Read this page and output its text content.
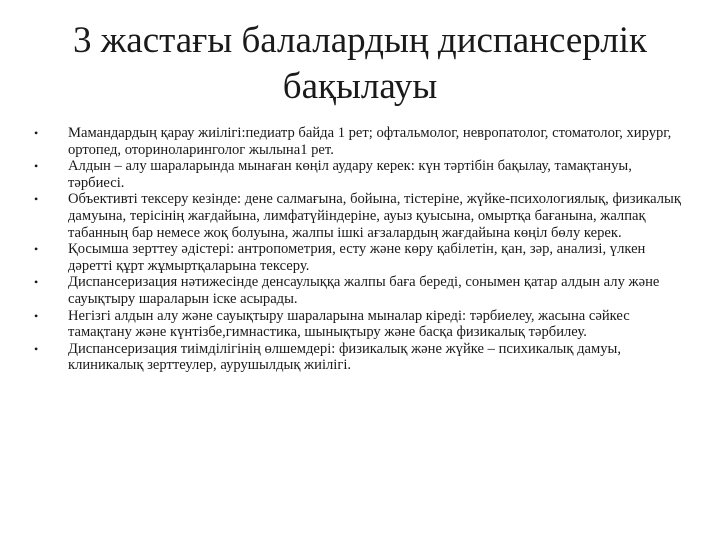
3 жастағы балалардың диспансерлік бақылауы
• Мамандардың қарау жиілігі:педиатр байда 1 рет; офтальмолог, невропатолог, стоматолог, хирург, ортопед, оториноларинголог жылына1 рет.
• Алдын – алу шараларында мынаған көңіл аудару керек: күн тәртібін бақылау, тамақтануы, тәрбиесі.
• Объективті тексеру кезінде: дене салмағына, бойына, тістеріне, жүйке-психологиялық, физикалық дамуына, терісінің жағдайына, лимфатүйіндеріне, ауыз қуысына, омыртқа бағанына, жалпақ табанның бар немесе жоқ болуына, жалпы ішкі ағзалардың жағдайына көңіл бөлу керек.
• Қосымша зерттеу әдістері: антропометрия, есту және көру қабілетін, қан, зәр, анализі, үлкен дәретті құрт жұмыртқаларына тексеру.
• Диспансеризация нәтижесінде денсаулыққа жалпы баға береді, сонымен қатар алдын алу және сауықтыру шараларын іске асырады.
• Негізгі алдын алу және сауықтыру шараларына мыналар кіреді: тәрбиелеу, жасына сәйкес тамақтану және күнтізбе,гимнастика, шынықтыру және басқа физикалық тәрбилеу.
• Диспансеризация тиімділігінің өлшемдері: физикалық және жүйке – психикалық дамуы, клиникалық зерттеулер, аурушылдық жиілігі.
